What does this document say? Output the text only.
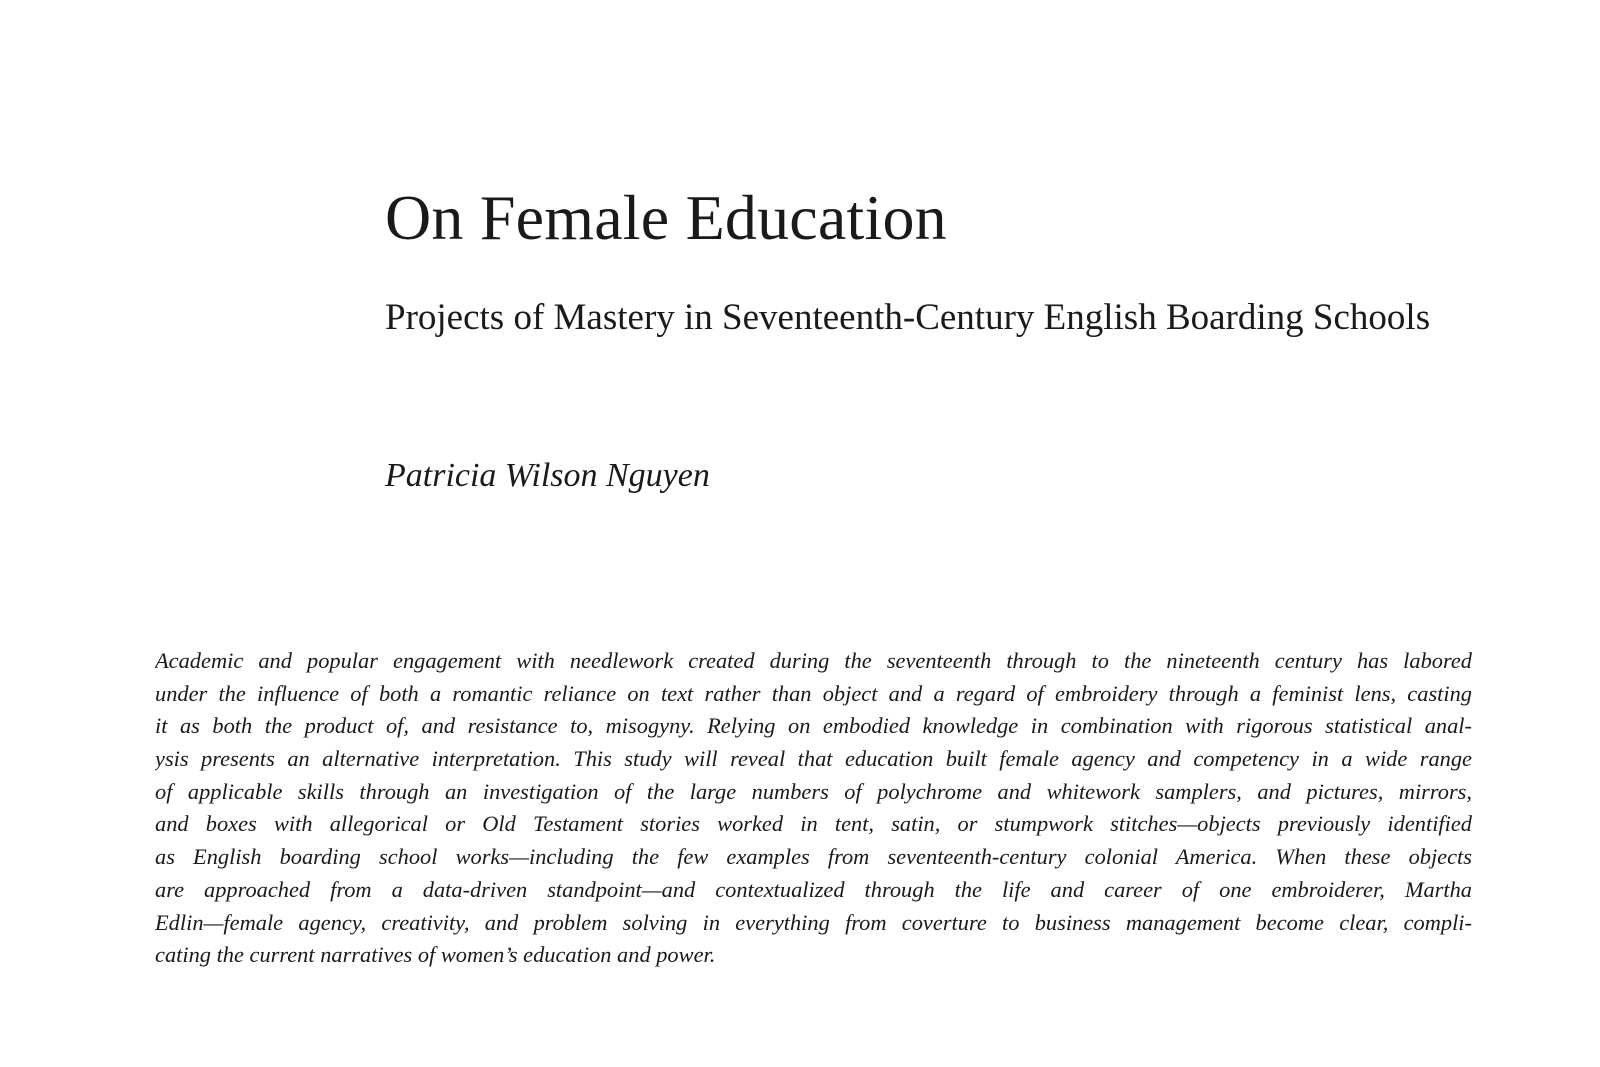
On Female Education
Projects of Mastery in Seventeenth-Century English Boarding Schools

Patricia Wilson Nguyen

Academic and popular engagement with needlework created during the seventeenth through to the nineteenth century has labored
under the influence of both a romantic reliance on text rather than object and a regard of embroidery through a feminist lens, casting
it as both the product of, and resistance to, misogyny. Relying on embodied knowledge in combination with rigorous statistical anal-
ysis presents an alternative interpretation. This study will reveal that education built female agency and competency in a wide range
of applicable skills through an investigation of the large numbers of polychrome and whitework samplers, and pictures, mirrors,
and boxes with allegorical or Old Testament stories worked in tent, satin, or stumpwork stitches—objects previously identified
as English boarding school works—including the few examples from seventeenth-century colonial America. When these objects
are approached from a data-driven standpoint—and contextualized through the life and career of one embroiderer, Martha
Edlin—female agency, creativity, and problem solving in everything from coverture to business management become clear, compli-
cating the current narratives of women’s education and power.
